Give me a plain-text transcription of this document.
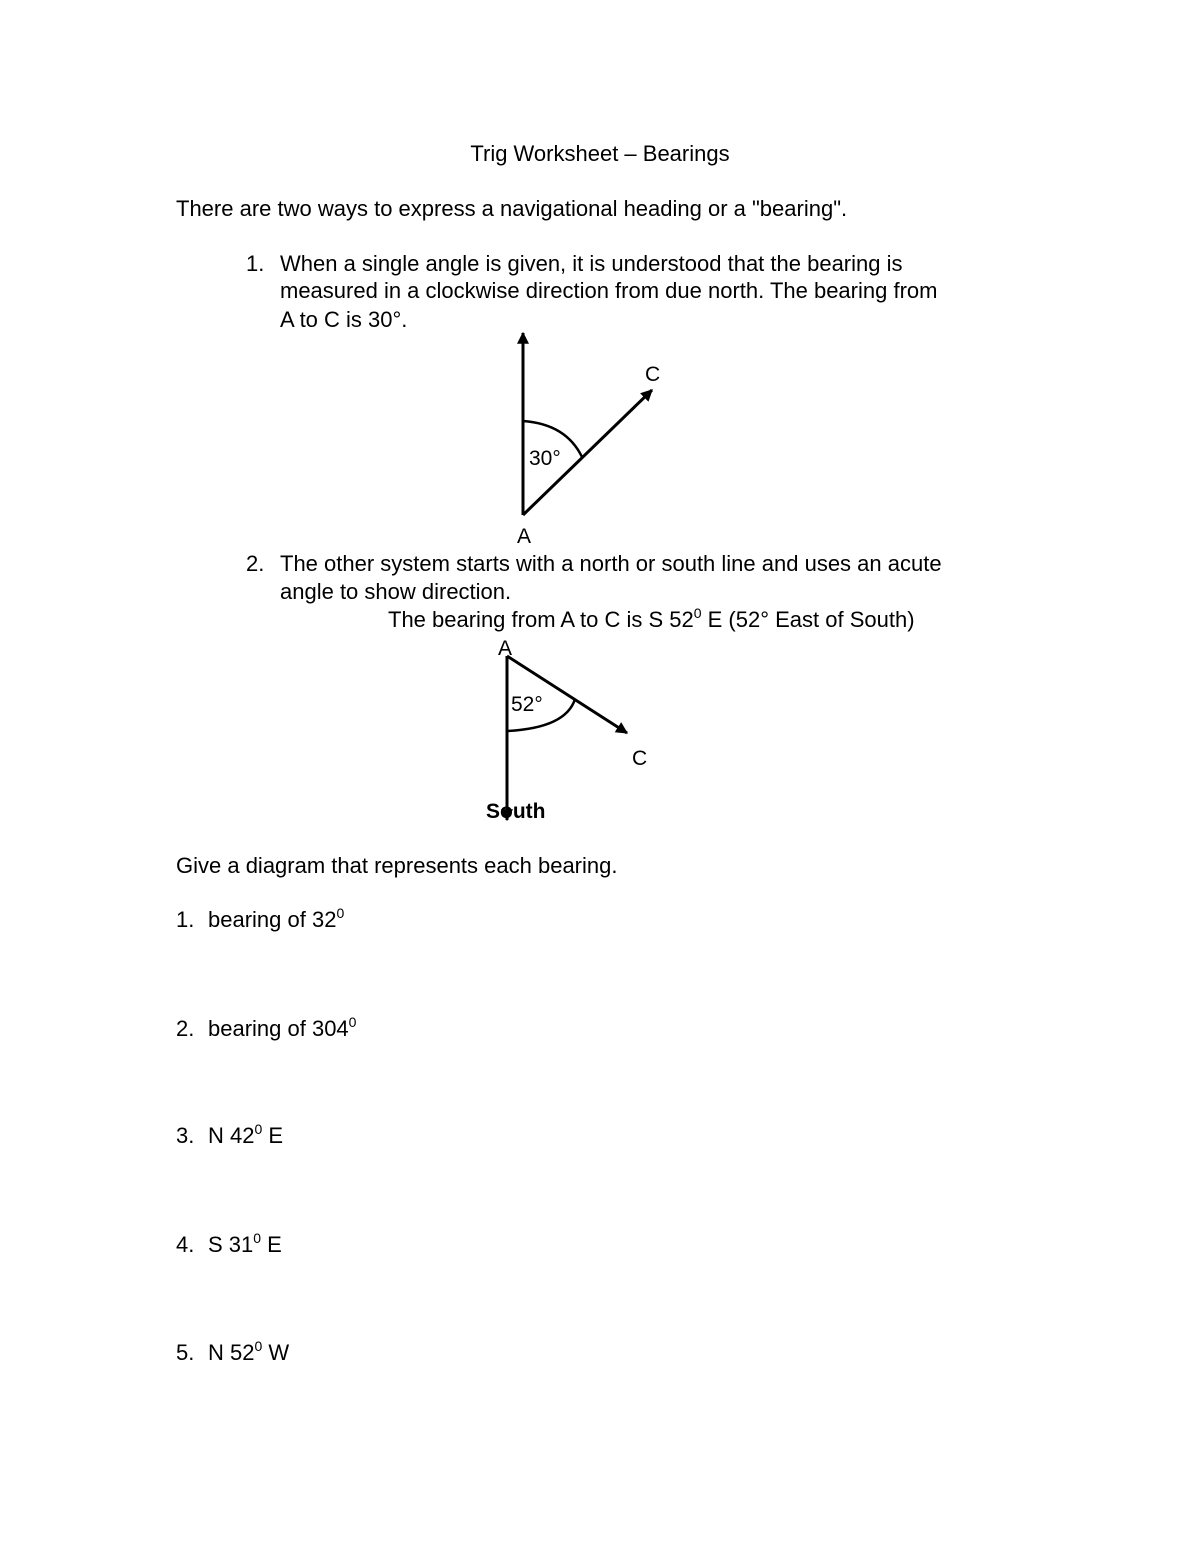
Trig Worksheet – Bearings
There are two ways to express a navigational heading or a "bearing".
1. When a single angle is given, it is understood that the bearing is
measured in a clockwise direction from due north. The bearing from
A to C is 30°.
30°
C
A
2. The other system starts with a north or south line and uses an acute
angle to show direction.
The bearing from A to C is S $52^0$ E (52° East of South)
52°
A
C
South
Give a diagram that represents each bearing.
1. bearing of $32^0$
2. bearing of $304^0$
3. N $42^0$ E
4. S $31^0$ E
5. N $52^0$ W
